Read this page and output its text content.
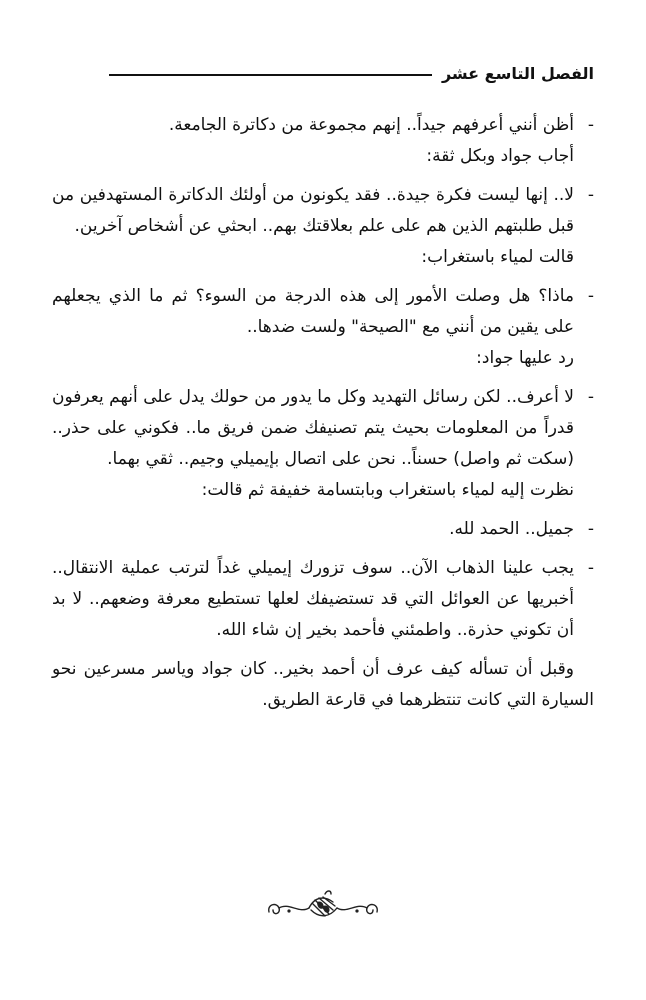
الفصل التاسع عشر

-
أظن أنني أعرفهم جيداً.. إنهم مجموعة من دكاترة الجامعة.

أجاب جواد وبكل ثقة:

-
لا.. إنها ليست فكرة جيدة.. فقد يكونون من أولئك الدكاترة المستهدفين من قبل طلبتهم الذين هم على علم بعلاقتك بهم.. ابحثي عن أشخاص آخرين.

قالت لمياء باستغراب:

-
ماذا؟ هل وصلت الأمور إلى هذه الدرجة من السوء؟ ثم ما الذي يجعلهم على يقين من أنني مع "الصيحة" ولست ضدها..

رد عليها جواد:

-
لا أعرف.. لكن رسائل التهديد وكل ما يدور من حولك يدل على أنهم يعرفون قدراً من المعلومات بحيث يتم تصنيفك ضمن فريق ما.. فكوني على حذر..(سكت ثم واصل) حسناً.. نحن على اتصال بإيميلي وجيم.. ثقي بهما.

نظرت إليه لمياء باستغراب وبابتسامة خفيفة ثم قالت:

-
جميل.. الحمد لله.

-
يجب علينا الذهاب الآن.. سوف تزورك إيميلي غداً لترتب عملية الانتقال.. أخبريها عن العوائل التي قد تستضيفك لعلها تستطيع معرفة وضعهم.. لا بد أن تكوني حذرة.. واطمئني فأحمد بخير إن شاء الله.

وقبل أن تسأله كيف عرف أن أحمد بخير.. كان جواد وياسر مسرعين نحو السيارة التي كانت تنتظرهما في قارعة الطريق.
